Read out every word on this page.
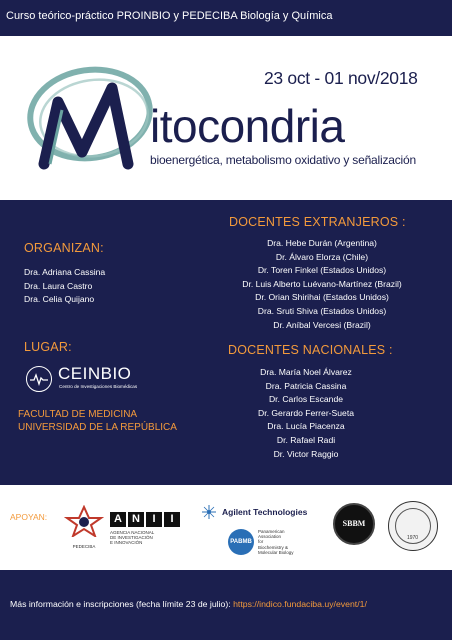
Curso teórico-práctico PROINBIO y PEDECIBA Biología y Química
23 oct - 01 nov/2018
itocondria
bioenergética, metabolismo oxidativo y señalización
ORGANIZAN:
Dra. Adriana Cassina
Dra. Laura Castro
Dra. Celia Quijano
LUGAR:
CEINBIO
Centro de Investigaciones Biomédicas
FACULTAD DE MEDICINA
UNIVERSIDAD DE LA REPÚBLICA
DOCENTES EXTRANJEROS :
Dra. Hebe Durán (Argentina)
Dr. Álvaro Elorza (Chile)
Dr. Toren Finkel (Estados Unidos)
Dr. Luis Alberto Luévano-Martínez (Brazil)
Dr. Orian Shirihai (Estados Unidos)
Dra. Sruti Shiva (Estados Unidos)
Dr. Aníbal Vercesi (Brazil)
DOCENTES NACIONALES :
Dra. María Noel Álvarez
Dra. Patricia Cassina
Dr. Carlos Escande
Dr. Gerardo Ferrer-Sueta
Dra. Lucía Piacenza
Dr. Rafael Radi
Dr. Victor Raggio
APOYAN:
PEDECIBA
A N	I	I
AGENCIA NACIONAL
DE INVESTIGACIÓN
E INNOVACIÓN
Agilent Technologies
PABMB
Panamerican
Association
for
Biochemistry &
Molecular Biology
SBBM
1970
Más información e inscripciones (fecha límite 23 de julio): https://indico.fundaciba.uy/event/1/
